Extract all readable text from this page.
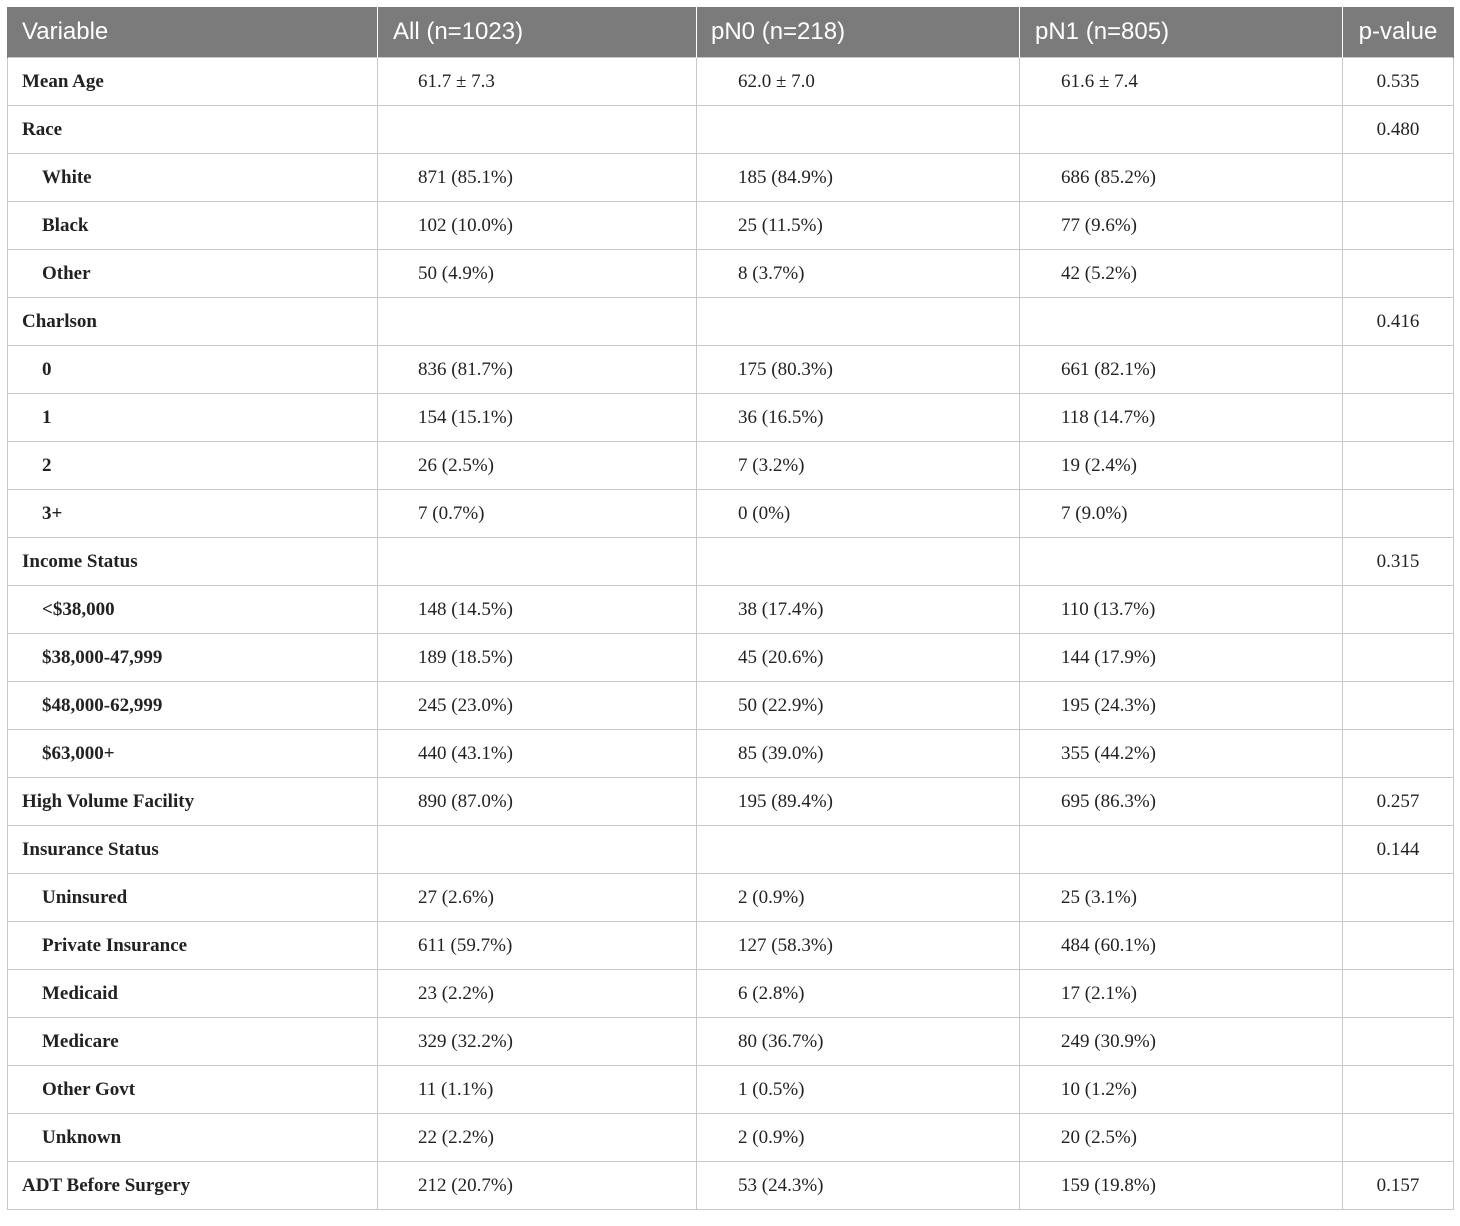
Variable	All (n=1023)	pN0 (n=218)	pN1 (n=805)	p-value
Mean Age	61.7 ± 7.3	62.0 ± 7.0	61.6 ± 7.4	0.535
Race				0.480
White	871 (85.1%)	185 (84.9%)	686 (85.2%)	
Black	102 (10.0%)	25 (11.5%)	77 (9.6%)	
Other	50 (4.9%)	8 (3.7%)	42 (5.2%)	
Charlson				0.416
0	836 (81.7%)	175 (80.3%)	661 (82.1%)	
1	154 (15.1%)	36 (16.5%)	118 (14.7%)	
2	26 (2.5%)	7 (3.2%)	19 (2.4%)	
3+	7 (0.7%)	0 (0%)	7 (9.0%)	
Income Status				0.315
<$38,000	148 (14.5%)	38 (17.4%)	110 (13.7%)	
$38,000-47,999	189 (18.5%)	45 (20.6%)	144 (17.9%)	
$48,000-62,999	245 (23.0%)	50 (22.9%)	195 (24.3%)	
$63,000+	440 (43.1%)	85 (39.0%)	355 (44.2%)	
High Volume Facility	890 (87.0%)	195 (89.4%)	695 (86.3%)	0.257
Insurance Status				0.144
Uninsured	27 (2.6%)	2 (0.9%)	25 (3.1%)	
Private Insurance	611 (59.7%)	127 (58.3%)	484 (60.1%)	
Medicaid	23 (2.2%)	6 (2.8%)	17 (2.1%)	
Medicare	329 (32.2%)	80 (36.7%)	249 (30.9%)	
Other Govt	11 (1.1%)	1 (0.5%)	10 (1.2%)	
Unknown	22 (2.2%)	2 (0.9%)	20 (2.5%)	
ADT Before Surgery	212 (20.7%)	53 (24.3%)	159 (19.8%)	0.157
